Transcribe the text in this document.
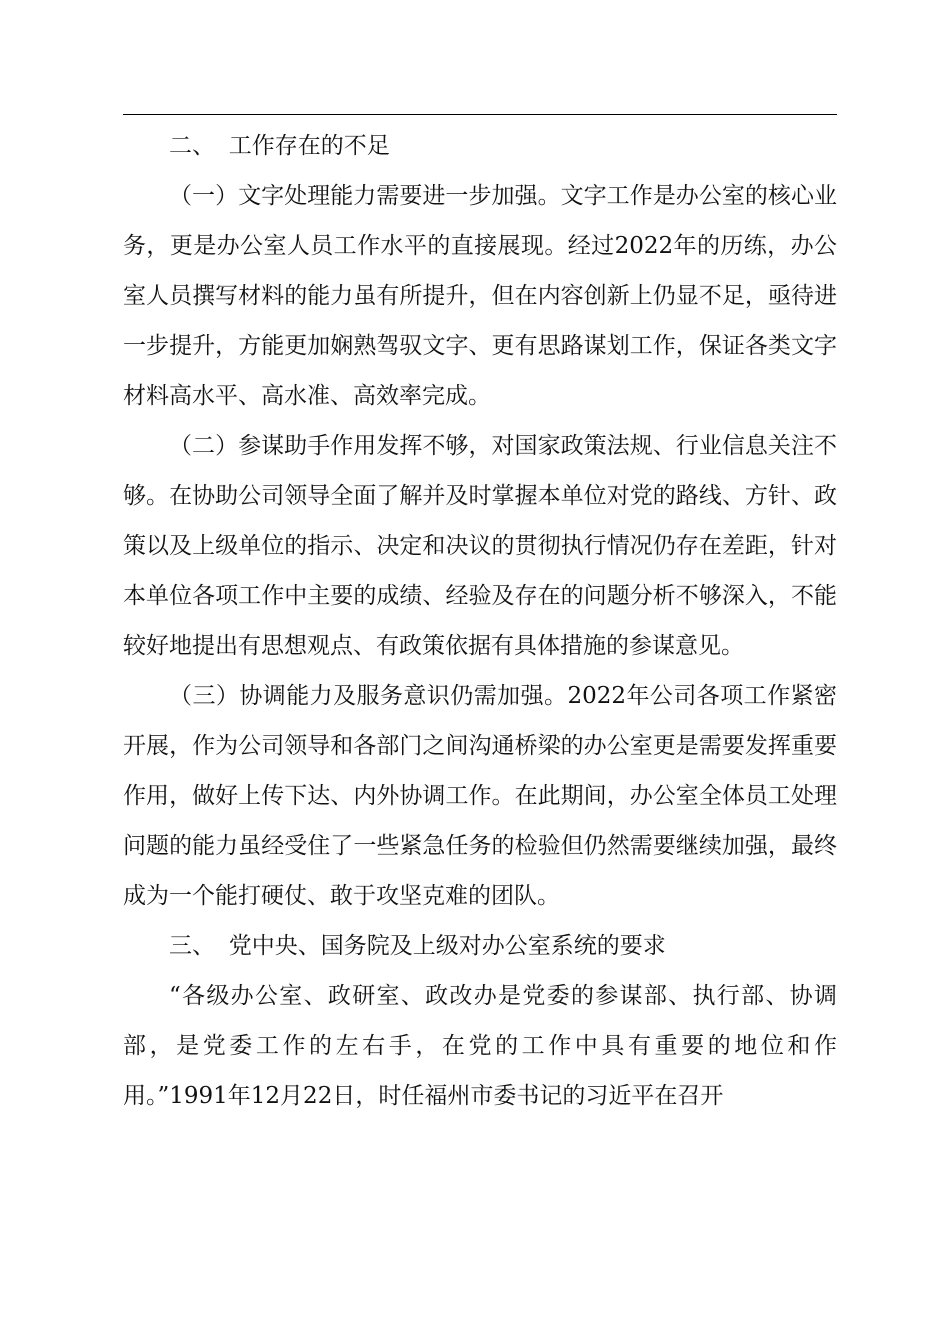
二、 工作存在的不足

（一）文字处理能力需要进一步加强。文字工作是办公室的核心业务，更是办公室人员工作水平的直接展现。经过2022年的历练，办公室人员撰写材料的能力虽有所提升，但在内容创新上仍显不足，亟待进一步提升，方能更加娴熟驾驭文字、更有思路谋划工作，保证各类文字材料高水平、高水准、高效率完成。

（二）参谋助手作用发挥不够，对国家政策法规、行业信息关注不够。在协助公司领导全面了解并及时掌握本单位对党的路线、方针、政策以及上级单位的指示、决定和决议的贯彻执行情况仍存在差距，针对本单位各项工作中主要的成绩、经验及存在的问题分析不够深入，不能较好地提出有思想观点、有政策依据有具体措施的参谋意见。

（三）协调能力及服务意识仍需加强。2022年公司各项工作紧密开展，作为公司领导和各部门之间沟通桥梁的办公室更是需要发挥重要作用，做好上传下达、内外协调工作。在此期间，办公室全体员工处理问题的能力虽经受住了一些紧急任务的检验但仍然需要继续加强，最终成为一个能打硬仗、敢于攻坚克难的团队。

三、 党中央、国务院及上级对办公室系统的要求

“各级办公室、政研室、政改办是党委的参谋部、执行部、协调部，是党委工作的左右手，在党的工作中具有重要的地位和作用。”1991年12月22日，时任福州市委书记的习近平在召开
